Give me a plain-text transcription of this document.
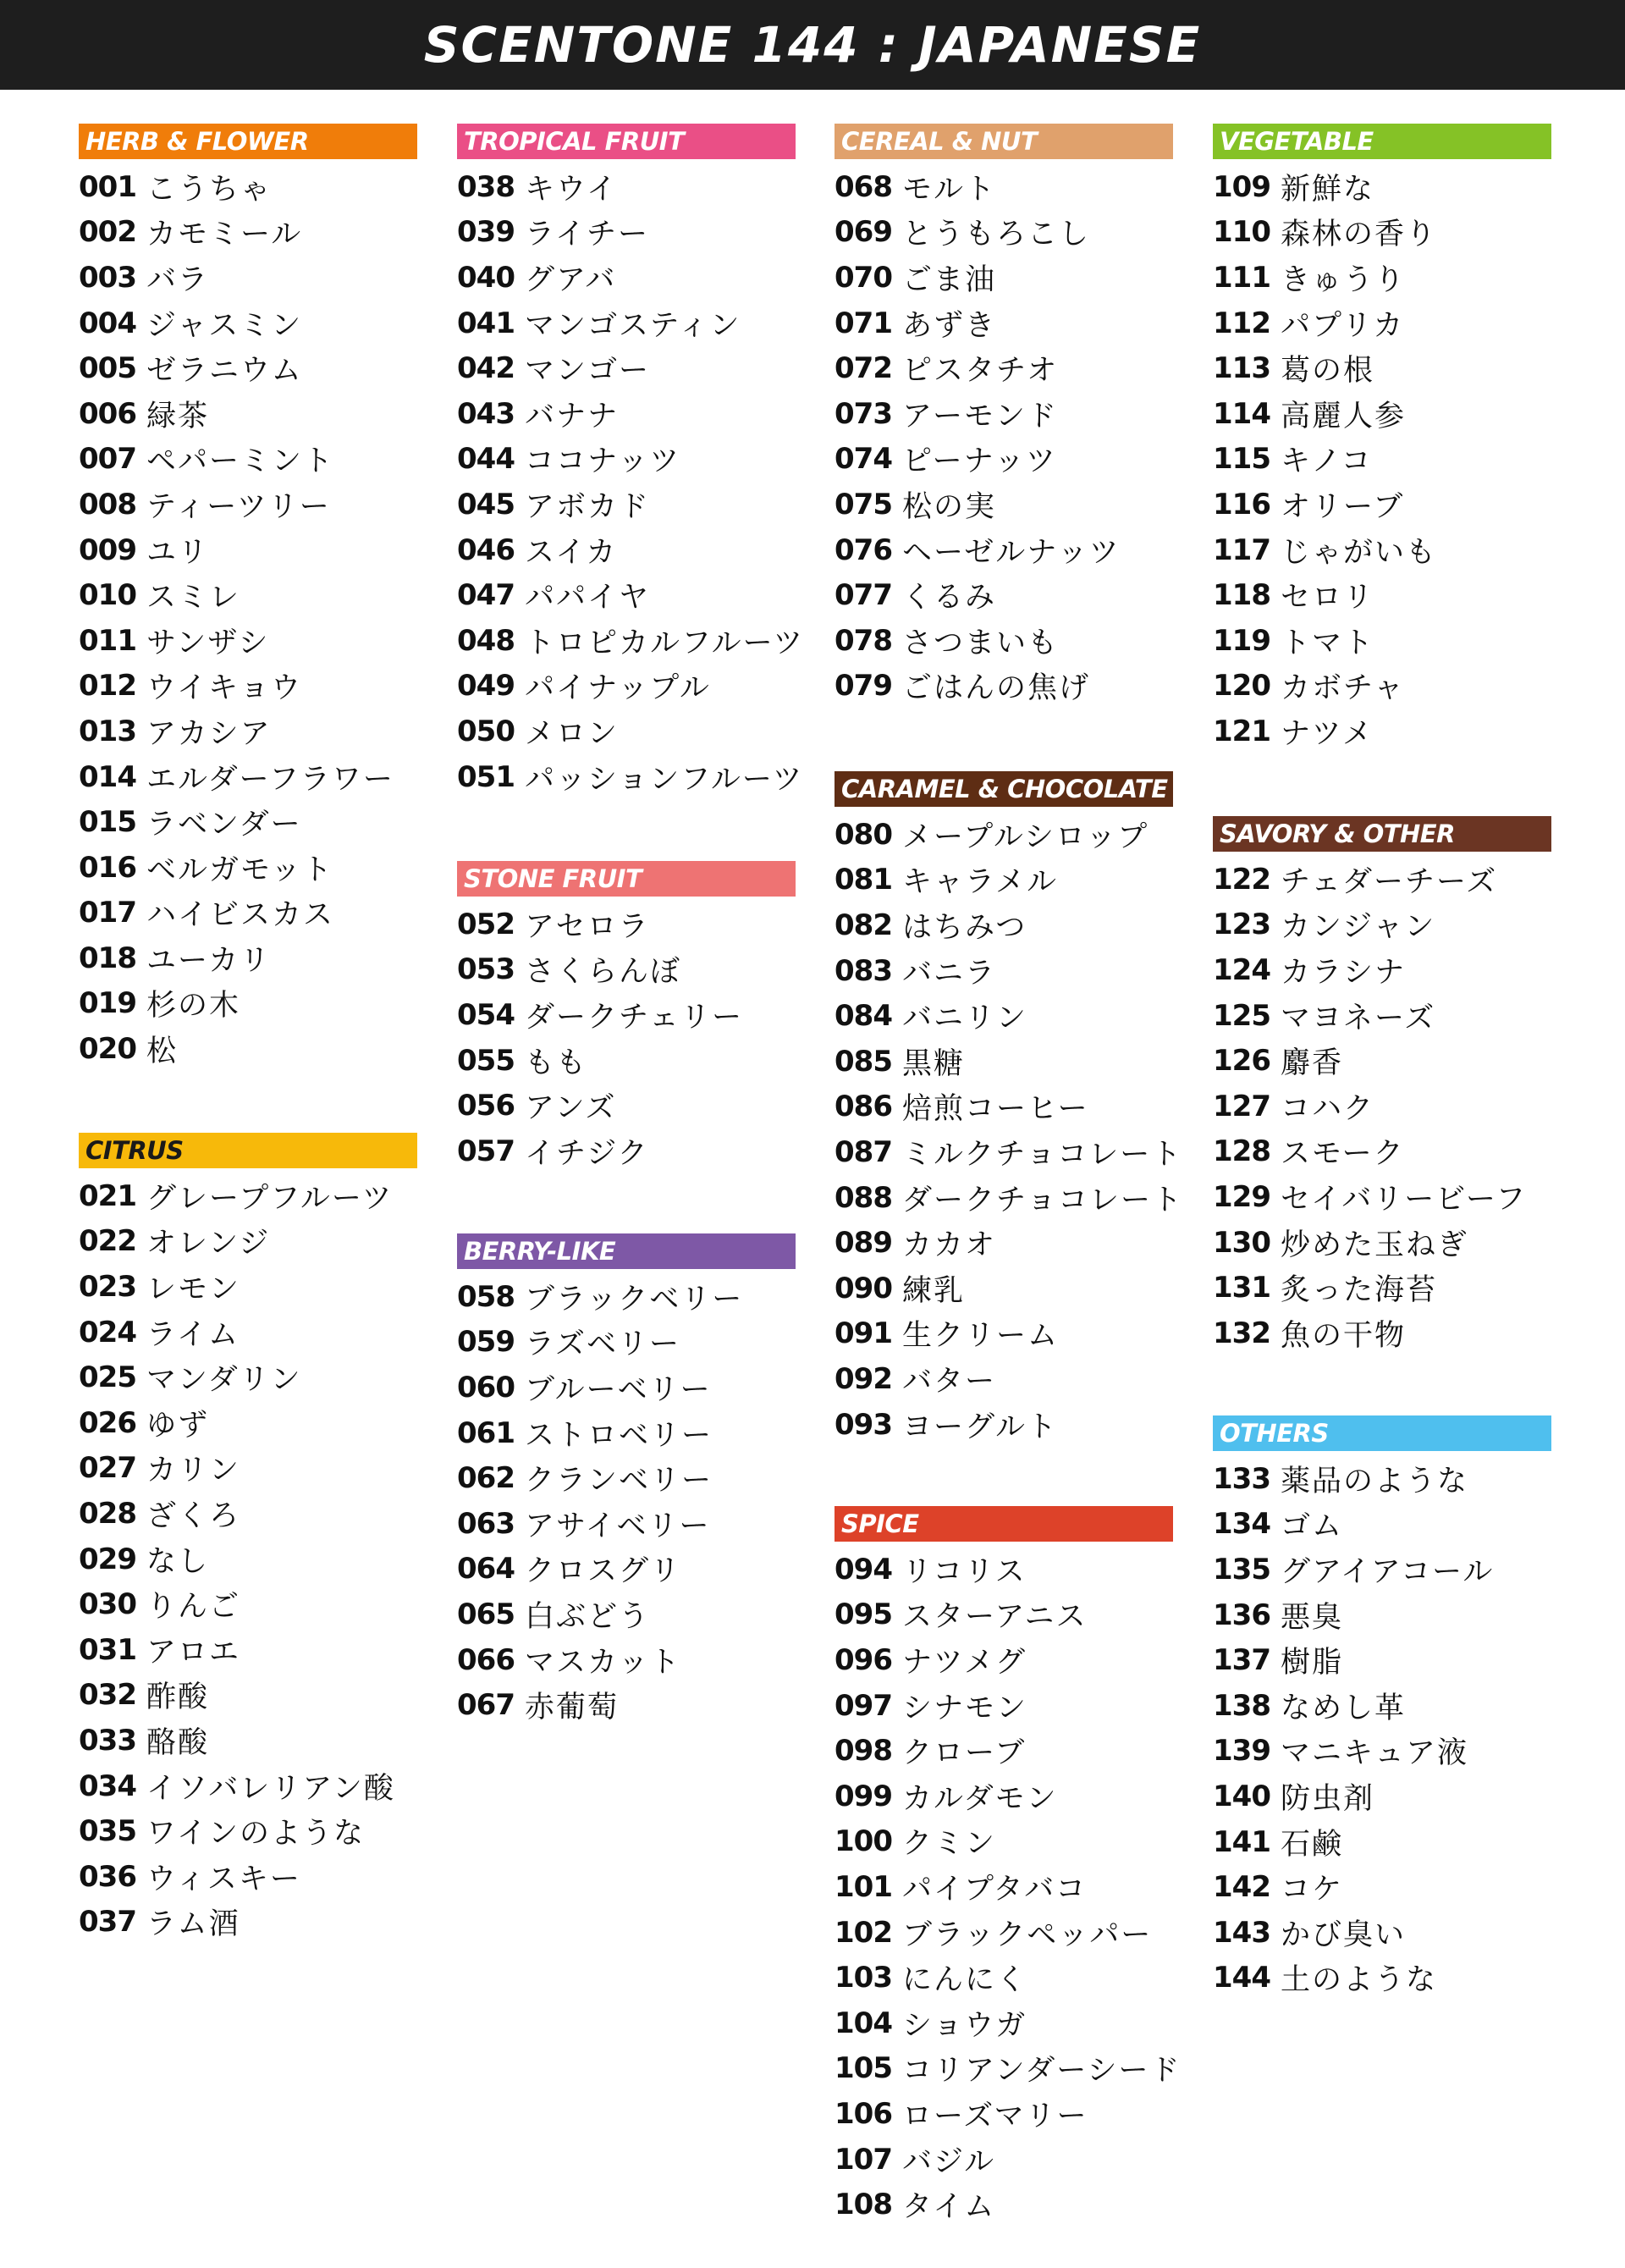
SCENTONE 144 : JAPANESE
HERB & FLOWER
001 こうちゃ
002 カモミール
003 バラ
004 ジャスミン
005 ゼラニウム
006 緑茶
007 ペパーミント
008 ティーツリー
009 ユリ
010 スミレ
011 サンザシ
012 ウイキョウ
013 アカシア
014 エルダーフラワー
015 ラベンダー
016 ベルガモット
017 ハイビスカス
018 ユーカリ
019 杉の木
020 松
CITRUS
021 グレープフルーツ
022 オレンジ
023 レモン
024 ライム
025 マンダリン
026 ゆず
027 カリン
028 ざくろ
029 なし
030 りんご
031 アロエ
032 酢酸
033 酪酸
034 イソバレリアン酸
035 ワインのような
036 ウィスキー
037 ラム酒
TROPICAL FRUIT
038 キウイ
039 ライチー
040 グアバ
041 マンゴスティン
042 マンゴー
043 バナナ
044 ココナッツ
045 アボカド
046 スイカ
047 パパイヤ
048 トロピカルフルーツ
049 パイナップル
050 メロン
051 パッションフルーツ
STONE FRUIT
052 アセロラ
053 さくらんぼ
054 ダークチェリー
055 もも
056 アンズ
057 イチジク
BERRY-LIKE
058 ブラックベリー
059 ラズベリー
060 ブルーベリー
061 ストロベリー
062 クランベリー
063 アサイベリー
064 クロスグリ
065 白ぶどう
066 マスカット
067 赤葡萄
CEREAL & NUT
068 モルト
069 とうもろこし
070 ごま油
071 あずき
072 ピスタチオ
073 アーモンド
074 ピーナッツ
075 松の実
076 ヘーゼルナッツ
077 くるみ
078 さつまいも
079 ごはんの焦げ
CARAMEL & CHOCOLATE
080 メープルシロップ
081 キャラメル
082 はちみつ
083 バニラ
084 バニリン
085 黒糖
086 焙煎コーヒー
087 ミルクチョコレート
088 ダークチョコレート
089 カカオ
090 練乳
091 生クリーム
092 バター
093 ヨーグルト
SPICE
094 リコリス
095 スターアニス
096 ナツメグ
097 シナモン
098 クローブ
099 カルダモン
100 クミン
101 パイプタバコ
102 ブラックペッパー
103 にんにく
104 ショウガ
105 コリアンダーシード
106 ローズマリー
107 バジル
108 タイム
VEGETABLE
109 新鮮な
110 森林の香り
111 きゅうり
112 パプリカ
113 葛の根
114 高麗人参
115 キノコ
116 オリーブ
117 じゃがいも
118 セロリ
119 トマト
120 カボチャ
121 ナツメ
SAVORY & OTHER
122 チェダーチーズ
123 カンジャン
124 カラシナ
125 マヨネーズ
126 麝香
127 コハク
128 スモーク
129 セイバリービーフ
130 炒めた玉ねぎ
131 炙った海苔
132 魚の干物
OTHERS
133 薬品のような
134 ゴム
135 グアイアコール
136 悪臭
137 樹脂
138 なめし革
139 マニキュア液
140 防虫剤
141 石鹸
142 コケ
143 かび臭い
144 土のような
